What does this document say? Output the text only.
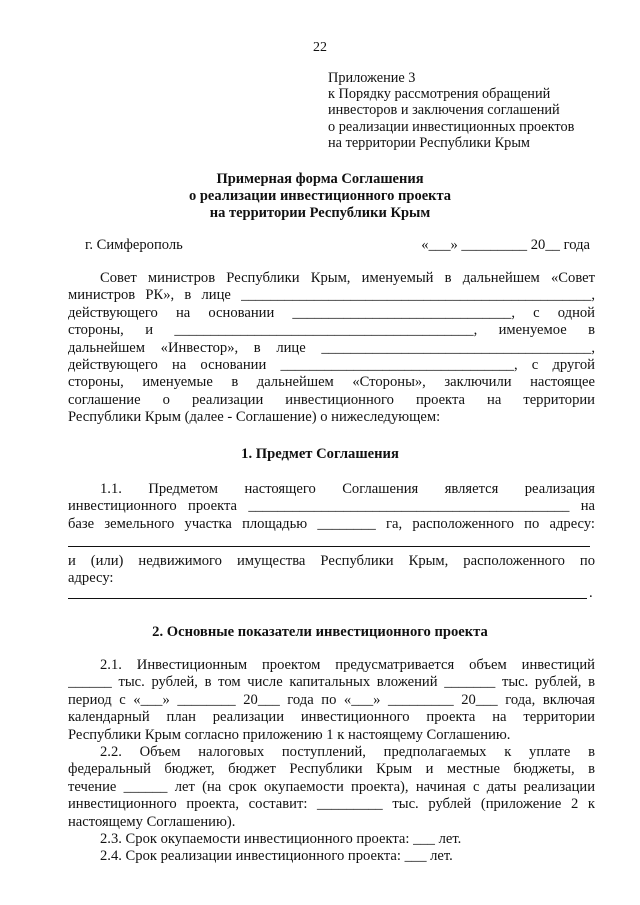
22
Приложение 3
к Порядку рассмотрения обращений
инвесторов и заключения соглашений
о реализации инвестиционных проектов
на территории Республики Крым
Примерная форма Соглашения
о реализации инвестиционного проекта
на территории Республики Крым
г. Симферополь	«___» _________ 20__ года
Совет министров Республики Крым, именуемый в дальнейшем «Совет
министров РК», в лице ________________________________________________,
действующего на основании ______________________________, с одной
стороны, и _________________________________________, именуемое в
дальнейшем «Инвестор», в лице _____________________________________,
действующего на основании ________________________________, с другой
стороны, именуемые в дальнейшем «Стороны», заключили настоящее
соглашение о реализации инвестиционного проекта на территории
Республики Крым (далее - Соглашение) о нижеследующем:
1. Предмет Соглашения
1.1. Предметом настоящего Соглашения является реализация
инвестиционного проекта ____________________________________________ на
базе земельного участка площадью ________ га, расположенного по адресу:
и (или) недвижимого имущества Республики Крым, расположенного по
адресу:
.
2. Основные показатели инвестиционного проекта
2.1. Инвестиционным проектом предусматривается объем инвестиций
______ тыс. рублей, в том числе капитальных вложений _______ тыс. рублей, в
период с «___» ________ 20___ года по «___» _________ 20___ года, включая
календарный план реализации инвестиционного проекта на территории
Республики Крым согласно приложению 1 к настоящему Соглашению.
2.2. Объем налоговых поступлений, предполагаемых к уплате в
федеральный бюджет, бюджет Республики Крым и местные бюджеты, в
течение ______ лет (на срок окупаемости проекта), начиная с даты реализации
инвестиционного проекта, составит: _________ тыс. рублей (приложение 2 к
настоящему Соглашению).
2.3. Срок окупаемости инвестиционного проекта: ___ лет.
2.4. Срок реализации инвестиционного проекта: ___ лет.
